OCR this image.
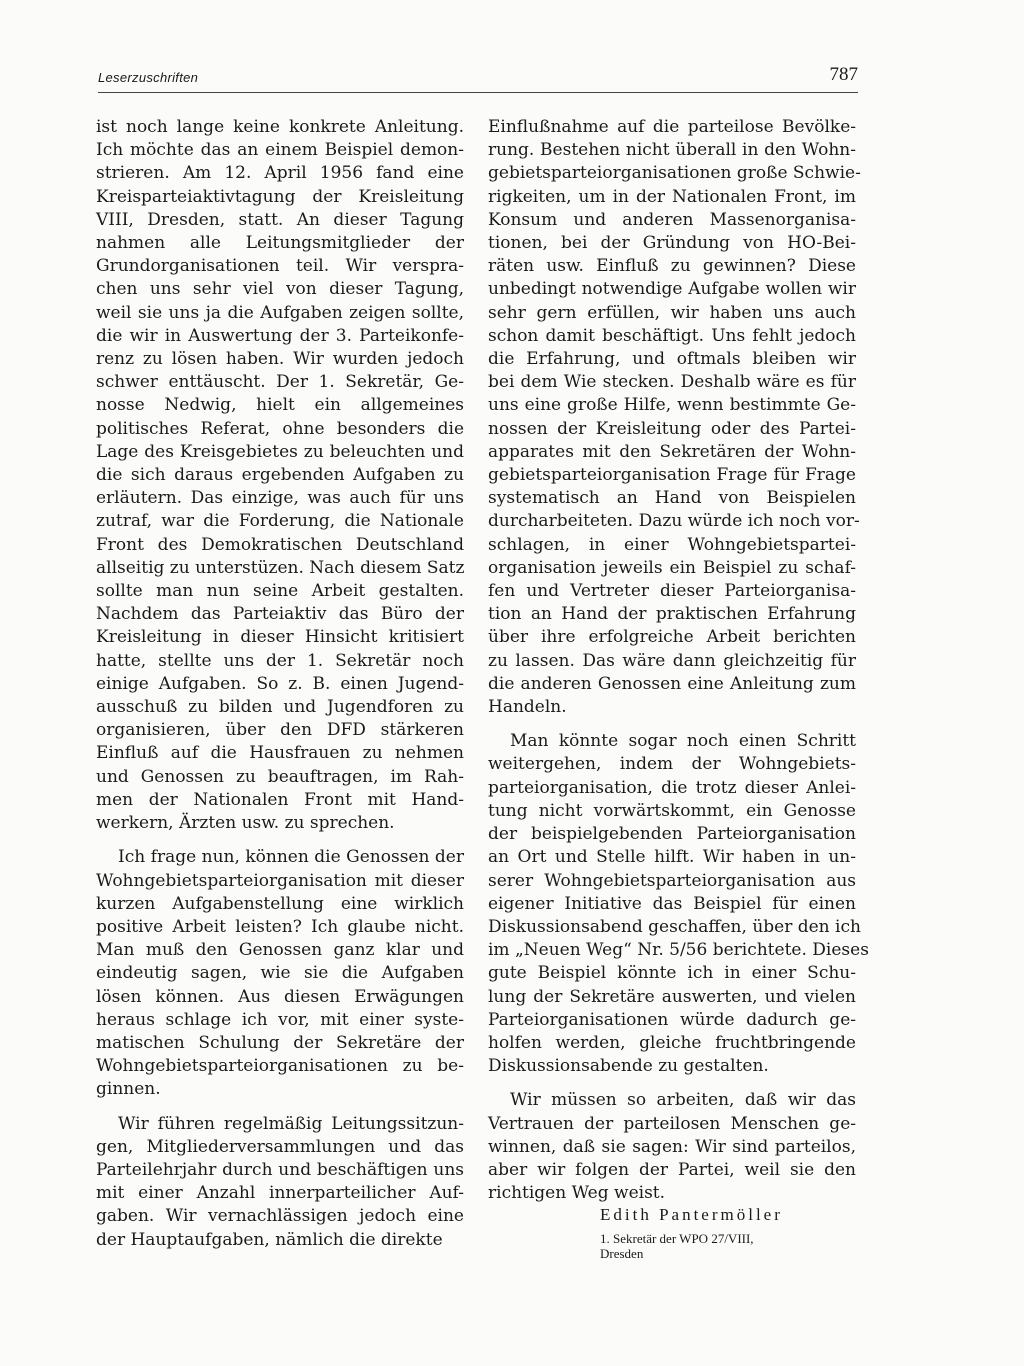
Leserzuschriften	787
ist noch lange keine konkrete Anleitung.
Ich möchte das an einem Beispiel demon-
strieren. Am 12. April 1956 fand eine
Kreisparteiaktivtagung der Kreisleitung
VIII, Dresden, statt. An dieser Tagung
nahmen alle Leitungsmitglieder der
Grundorganisationen teil. Wir verspra-
chen uns sehr viel von dieser Tagung,
weil sie uns ja die Aufgaben zeigen sollte,
die wir in Auswertung der 3. Parteikonfe-
renz zu lösen haben. Wir wurden jedoch
schwer enttäuscht. Der 1. Sekretär, Ge-
nosse Nedwig, hielt ein allgemeines
politisches Referat, ohne besonders die
Lage des Kreisgebietes zu beleuchten und
die sich daraus ergebenden Aufgaben zu
erläutern. Das einzige, was auch für uns
zutraf, war die Forderung, die Nationale
Front des Demokratischen Deutschland
allseitig zu unterstüzen. Nach diesem Satz
sollte man nun seine Arbeit gestalten.
Nachdem das Parteiaktiv das Büro der
Kreisleitung in dieser Hinsicht kritisiert
hatte, stellte uns der 1. Sekretär noch
einige Aufgaben. So z. B. einen Jugend-
ausschuß zu bilden und Jugendforen zu
organisieren, über den DFD stärkeren
Einfluß auf die Hausfrauen zu nehmen
und Genossen zu beauftragen, im Rah-
men der Nationalen Front mit Hand-
werkern, Ärzten usw. zu sprechen.
Ich frage nun, können die Genossen der
Wohngebietsparteiorganisation mit dieser
kurzen Aufgabenstellung eine wirklich
positive Arbeit leisten? Ich glaube nicht.
Man muß den Genossen ganz klar und
eindeutig sagen, wie sie die Aufgaben
lösen können. Aus diesen Erwägungen
heraus schlage ich vor, mit einer syste-
matischen Schulung der Sekretäre der
Wohngebietsparteiorganisationen zu be-
ginnen.
Wir führen regelmäßig Leitungssitzun-
gen, Mitgliederversammlungen und das
Parteilehrjahr durch und beschäftigen uns
mit einer Anzahl innerparteilicher Auf-
gaben. Wir vernachlässigen jedoch eine
der Hauptaufgaben, nämlich die direkte
Einflußnahme auf die parteilose Bevölke-
rung. Bestehen nicht überall in den Wohn-
gebietsparteiorganisationen große Schwie-
rigkeiten, um in der Nationalen Front, im
Konsum und anderen Massenorganisa-
tionen, bei der Gründung von HO-Bei-
räten usw. Einfluß zu gewinnen? Diese
unbedingt notwendige Aufgabe wollen wir
sehr gern erfüllen, wir haben uns auch
schon damit beschäftigt. Uns fehlt jedoch
die Erfahrung, und oftmals bleiben wir
bei dem Wie stecken. Deshalb wäre es für
uns eine große Hilfe, wenn bestimmte Ge-
nossen der Kreisleitung oder des Partei-
apparates mit den Sekretären der Wohn-
gebietsparteiorganisation Frage für Frage
systematisch an Hand von Beispielen
durcharbeiteten. Dazu würde ich noch vor-
schlagen, in einer Wohngebietspartei-
organisation jeweils ein Beispiel zu schaf-
fen und Vertreter dieser Parteiorganisa-
tion an Hand der praktischen Erfahrung
über ihre erfolgreiche Arbeit berichten
zu lassen. Das wäre dann gleichzeitig für
die anderen Genossen eine Anleitung zum
Handeln.
Man könnte sogar noch einen Schritt
weitergehen, indem der Wohngebiets-
parteiorganisation, die trotz dieser Anlei-
tung nicht vorwärtskommt, ein Genosse
der beispielgebenden Parteiorganisation
an Ort und Stelle hilft. Wir haben in un-
serer Wohngebietsparteiorganisation aus
eigener Initiative das Beispiel für einen
Diskussionsabend geschaffen, über den ich
im „Neuen Weg“ Nr. 5/56 berichtete. Dieses
gute Beispiel könnte ich in einer Schu-
lung der Sekretäre auswerten, und vielen
Parteiorganisationen würde dadurch ge-
holfen werden, gleiche fruchtbringende
Diskussionsabende zu gestalten.
Wir müssen so arbeiten, daß wir das
Vertrauen der parteilosen Menschen ge-
winnen, daß sie sagen: Wir sind parteilos,
aber wir folgen der Partei, weil sie den
richtigen Weg weist.
Edith Pantermöller
1. Sekretär der WPO 27/VIII,
Dresden
